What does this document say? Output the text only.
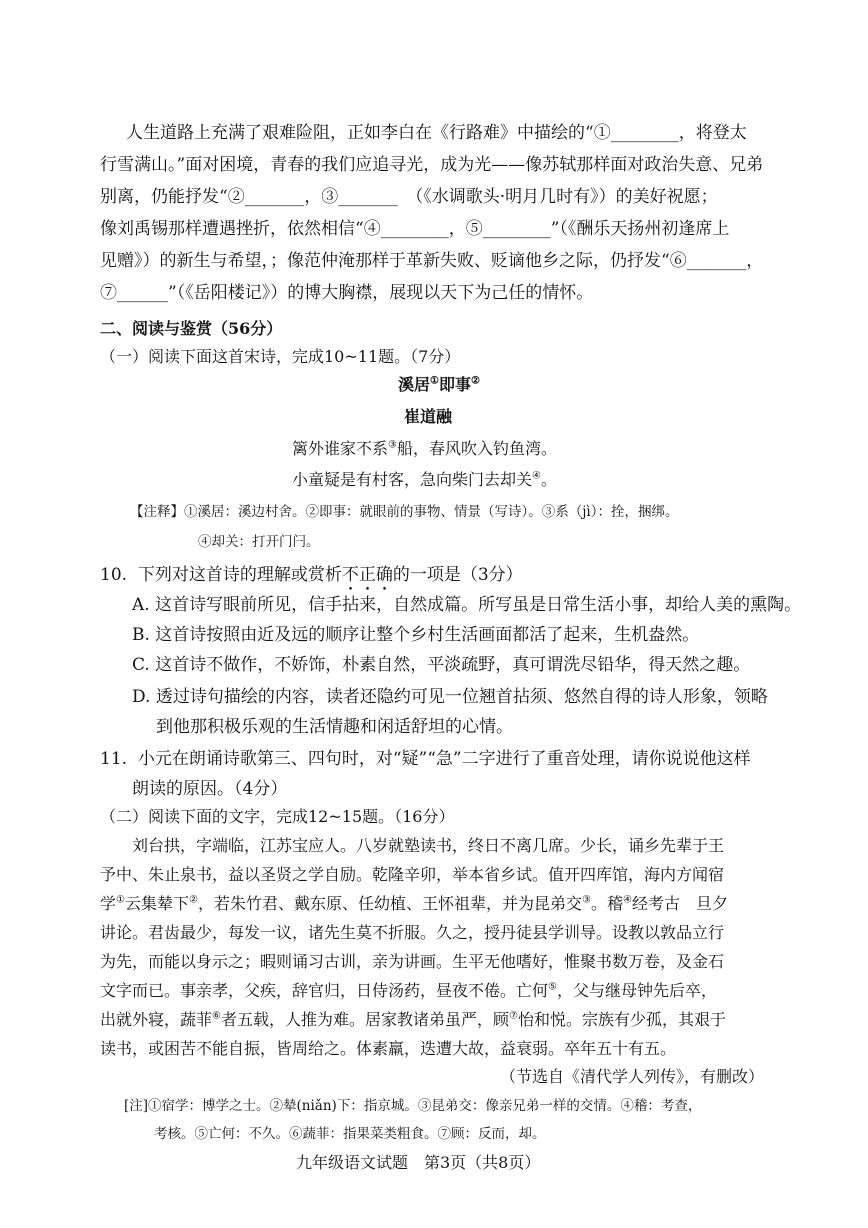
人生道路上充满了艰难险阻，正如李白在《行路难》中描绘的“①________，将登太
行雪满山。”面对困境，青春的我们应追寻光，成为光——像苏轼那样面对政治失意、兄弟
别离，仍能抒发“②_______，③_______　（《水调歌头·明月几时有》）的美好祝愿；
像刘禹锡那样遭遇挫折，依然相信“④________，⑤________”（《酬乐天扬州初逢席上
见赠》）的新生与希望，；像范仲淹那样于革新失败、贬谪他乡之际，仍抒发“⑥_______，
⑦______”（《岳阳楼记》）的博大胸襟，展现以天下为己任的情怀。
二、阅读与鉴赏（56分）
（一）阅读下面这首宋诗，完成10~11题。（7分）
溪居①即事②
崔道融
篱外谁家不系③船，春风吹入钓鱼湾。
小童疑是有村客，急向柴门去却关④。
【注释】①溪居：溪边村舍。②即事：就眼前的事物、情景（写诗）。③系（jì）：拴，捆绑。
④却关：打开门闩。
10. 下列对这首诗的理解或赏析不正确的一项是（3分）
A. 这首诗写眼前所见，信手拈来，自然成篇。所写虽是日常生活小事，却给人美的熏陶。
B. 这首诗按照由近及远的顺序让整个乡村生活画面都活了起来，生机盎然。
C. 这首诗不做作，不娇饰，朴素自然，平淡疏野，真可谓洗尽铅华，得天然之趣。
D. 透过诗句描绘的内容，读者还隐约可见一位翘首拈须、悠然自得的诗人形象，领略
到他那积极乐观的生活情趣和闲适舒坦的心情。
11. 小元在朗诵诗歌第三、四句时，对“疑”“急”二字进行了重音处理，请你说说他这样
朗读的原因。（4分）
（二）阅读下面的文字，完成12~15题。（16分）
刘台拱，字端临，江苏宝应人。八岁就塾读书，终日不离几席。少长，诵乡先辈于王
予中、朱止泉书，益以圣贤之学自励。乾隆辛卯，举本省乡试。值开四库馆，海内方闻宿
学①云集辇下②，若朱竹君、戴东原、任幼植、王怀祖辈，并为昆弟交③。稽④经考古　旦夕
讲论。君齿最少，每发一议，诸先生莫不折服。久之，授丹徒县学训导。设教以敦品立行
为先，而能以身示之；暇则诵习古训，亲为讲画。生平无他嗜好，惟聚书数万卷，及金石
文字而已。事亲孝，父疾，辞官归，日侍汤药，昼夜不倦。亡何⑤，父与继母钟先后卒，
出就外寝，蔬菲⑥者五载，人推为难。居家教诸弟虽严，顾⑦怡和悦。宗族有少孤，其艰于
读书，或困苦不能自振，皆周给之。体素羸，迭遭大故，益衰弱。卒年五十有五。
（节选自《清代学人列传》，有删改）
[注]①宿学：博学之士。②辇(niǎn)下：指京城。③昆弟交：像亲兄弟一样的交情。④稽：考查，
考核。⑤亡何：不久。⑥蔬菲：指果菜类粗食。⑦顾：反而，却。
九年级语文试题　第3页（共8页）
